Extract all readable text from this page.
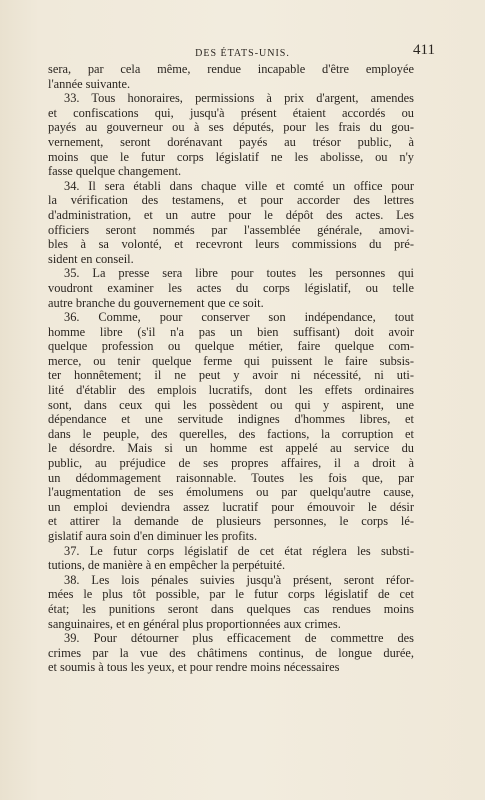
DES ÉTATS-UNIS.	411
sera, par cela même, rendue incapable d'être employée
l'année suivante.
33. Tous honoraires, permissions à prix d'argent, amendes
et confiscations qui, jusqu'à présent étaient accordés ou
payés au gouverneur ou à ses députés, pour les frais du gou-
vernement, seront dorénavant payés au trésor public, à
moins que le futur corps législatif ne les abolisse, ou n'y
fasse quelque changement.
34. Il sera établi dans chaque ville et comté un office pour
la vérification des testamens, et pour accorder des lettres
d'administration, et un autre pour le dépôt des actes. Les
officiers seront nommés par l'assemblée générale, amovi-
bles à sa volonté, et recevront leurs commissions du pré-
sident en conseil.
35. La presse sera libre pour toutes les personnes qui
voudront examiner les actes du corps législatif, ou telle
autre branche du gouvernement que ce soit.
36. Comme, pour conserver son indépendance, tout
homme libre (s'il n'a pas un bien suffisant) doit avoir
quelque profession ou quelque métier, faire quelque com-
merce, ou tenir quelque ferme qui puissent le faire subsis-
ter honnêtement; il ne peut y avoir ni nécessité, ni uti-
lité d'établir des emplois lucratifs, dont les effets ordinaires
sont, dans ceux qui les possèdent ou qui y aspirent, une
dépendance et une servitude indignes d'hommes libres, et
dans le peuple, des querelles, des factions, la corruption et
le désordre. Mais si un homme est appelé au service du
public, au préjudice de ses propres affaires, il a droit à
un dédommagement raisonnable. Toutes les fois que, par
l'augmentation de ses émolumens ou par quelqu'autre cause,
un emploi deviendra assez lucratif pour émouvoir le désir
et attirer la demande de plusieurs personnes, le corps lé-
gislatif aura soin d'en diminuer les profits.
37. Le futur corps législatif de cet état réglera les substi-
tutions, de manière à en empêcher la perpétuité.
38. Les lois pénales suivies jusqu'à présent, seront réfor-
mées le plus tôt possible, par le futur corps législatif de cet
état; les punitions seront dans quelques cas rendues moins
sanguinaires, et en général plus proportionnées aux crimes.
39. Pour détourner plus efficacement de commettre des
crimes par la vue des châtimens continus, de longue durée,
et soumis à tous les yeux, et pour rendre moins nécessaires
